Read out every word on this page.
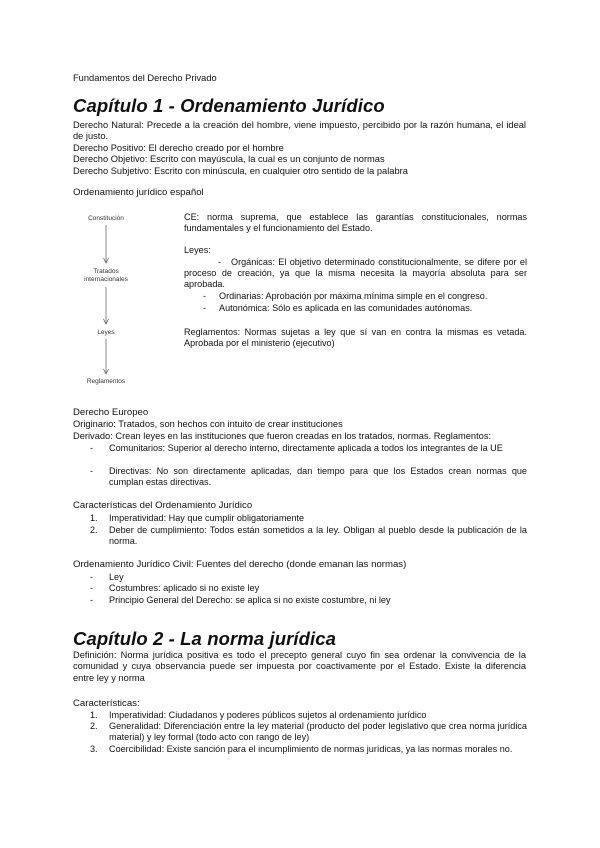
Fundamentos del Derecho Privado
Capítulo 1 - Ordenamiento Jurídico
Derecho Natural: Precede a la creación del hombre, viene impuesto, percibido por la razón humana, el ideal de justo.
Derecho Positivo: El derecho creado por el hombre
Derecho Objetivo: Escrito con mayúscula, la cual es un conjunto de normas
Derecho Subjetivo: Escrito con minúscula, en cualquier otro sentido de la palabra
Ordenamiento jurídico español
Constitución
Tratados internacionales
Leyes
Reglamentos
CE: norma suprema, que establece las garantías constitucionales, normas fundamentales y el funcionamiento del Estado.
Leyes:
- Orgánicas: El objetivo determinado constitucionalmente, se difere por el proceso de creación, ya que la misma necesita la mayoría absoluta para ser aprobada.
- Ordinarias: Aprobación por máxima mínima simple en el congreso.
- Autonómica: Sólo es aplicada en las comunidades autónomas.
Reglamentos: Normas sujetas a ley que sí van en contra la mismas es vetada. Aprobada por el ministerio (ejecutivo)
Derecho Europeo
Originario: Tratados, son hechos con intuito de crear instituciones
Derivado: Crean leyes en las instituciones que fueron creadas en los tratados, normas. Reglamentos:
- Comunitarios: Superior al derecho interno, directamente aplicada a todos los integrantes de la UE
- Directivas: No son directamente aplicadas, dan tiempo para que los Estados crean normas que cumplan estas directivas.
Características del Ordenamiento Jurídico
1. Imperatividad: Hay que cumplir obligatoriamente
2. Deber de cumplimiento: Todos están sometidos a la ley. Obligan al pueblo desde la publicación de la norma.
Ordenamiento Jurídico Civil: Fuentes del derecho (donde emanan las normas)
- Ley
- Costumbres: aplicado si no existe ley
- Principio General del Derecho: se aplica si no existe costumbre, ni ley
Capítulo 2 - La norma jurídica
Definición: Norma jurídica positiva es todo el precepto general cuyo fin sea ordenar la convivencia de la comunidad y cuya observancia puede ser impuesta por coactivamente por el Estado. Existe la diferencia entre ley y norma
Características:
1. Imperatividad: Ciudadanos y poderes públicos sujetos al ordenamiento jurídico
2. Generalidad: Diferenciación entre la ley material (producto del poder legislativo que crea norma jurídica material) y ley formal (todo acto con rango de ley)
3. Coercibilidad: Existe sanción para el incumplimiento de normas jurídicas, ya las normas morales no.
